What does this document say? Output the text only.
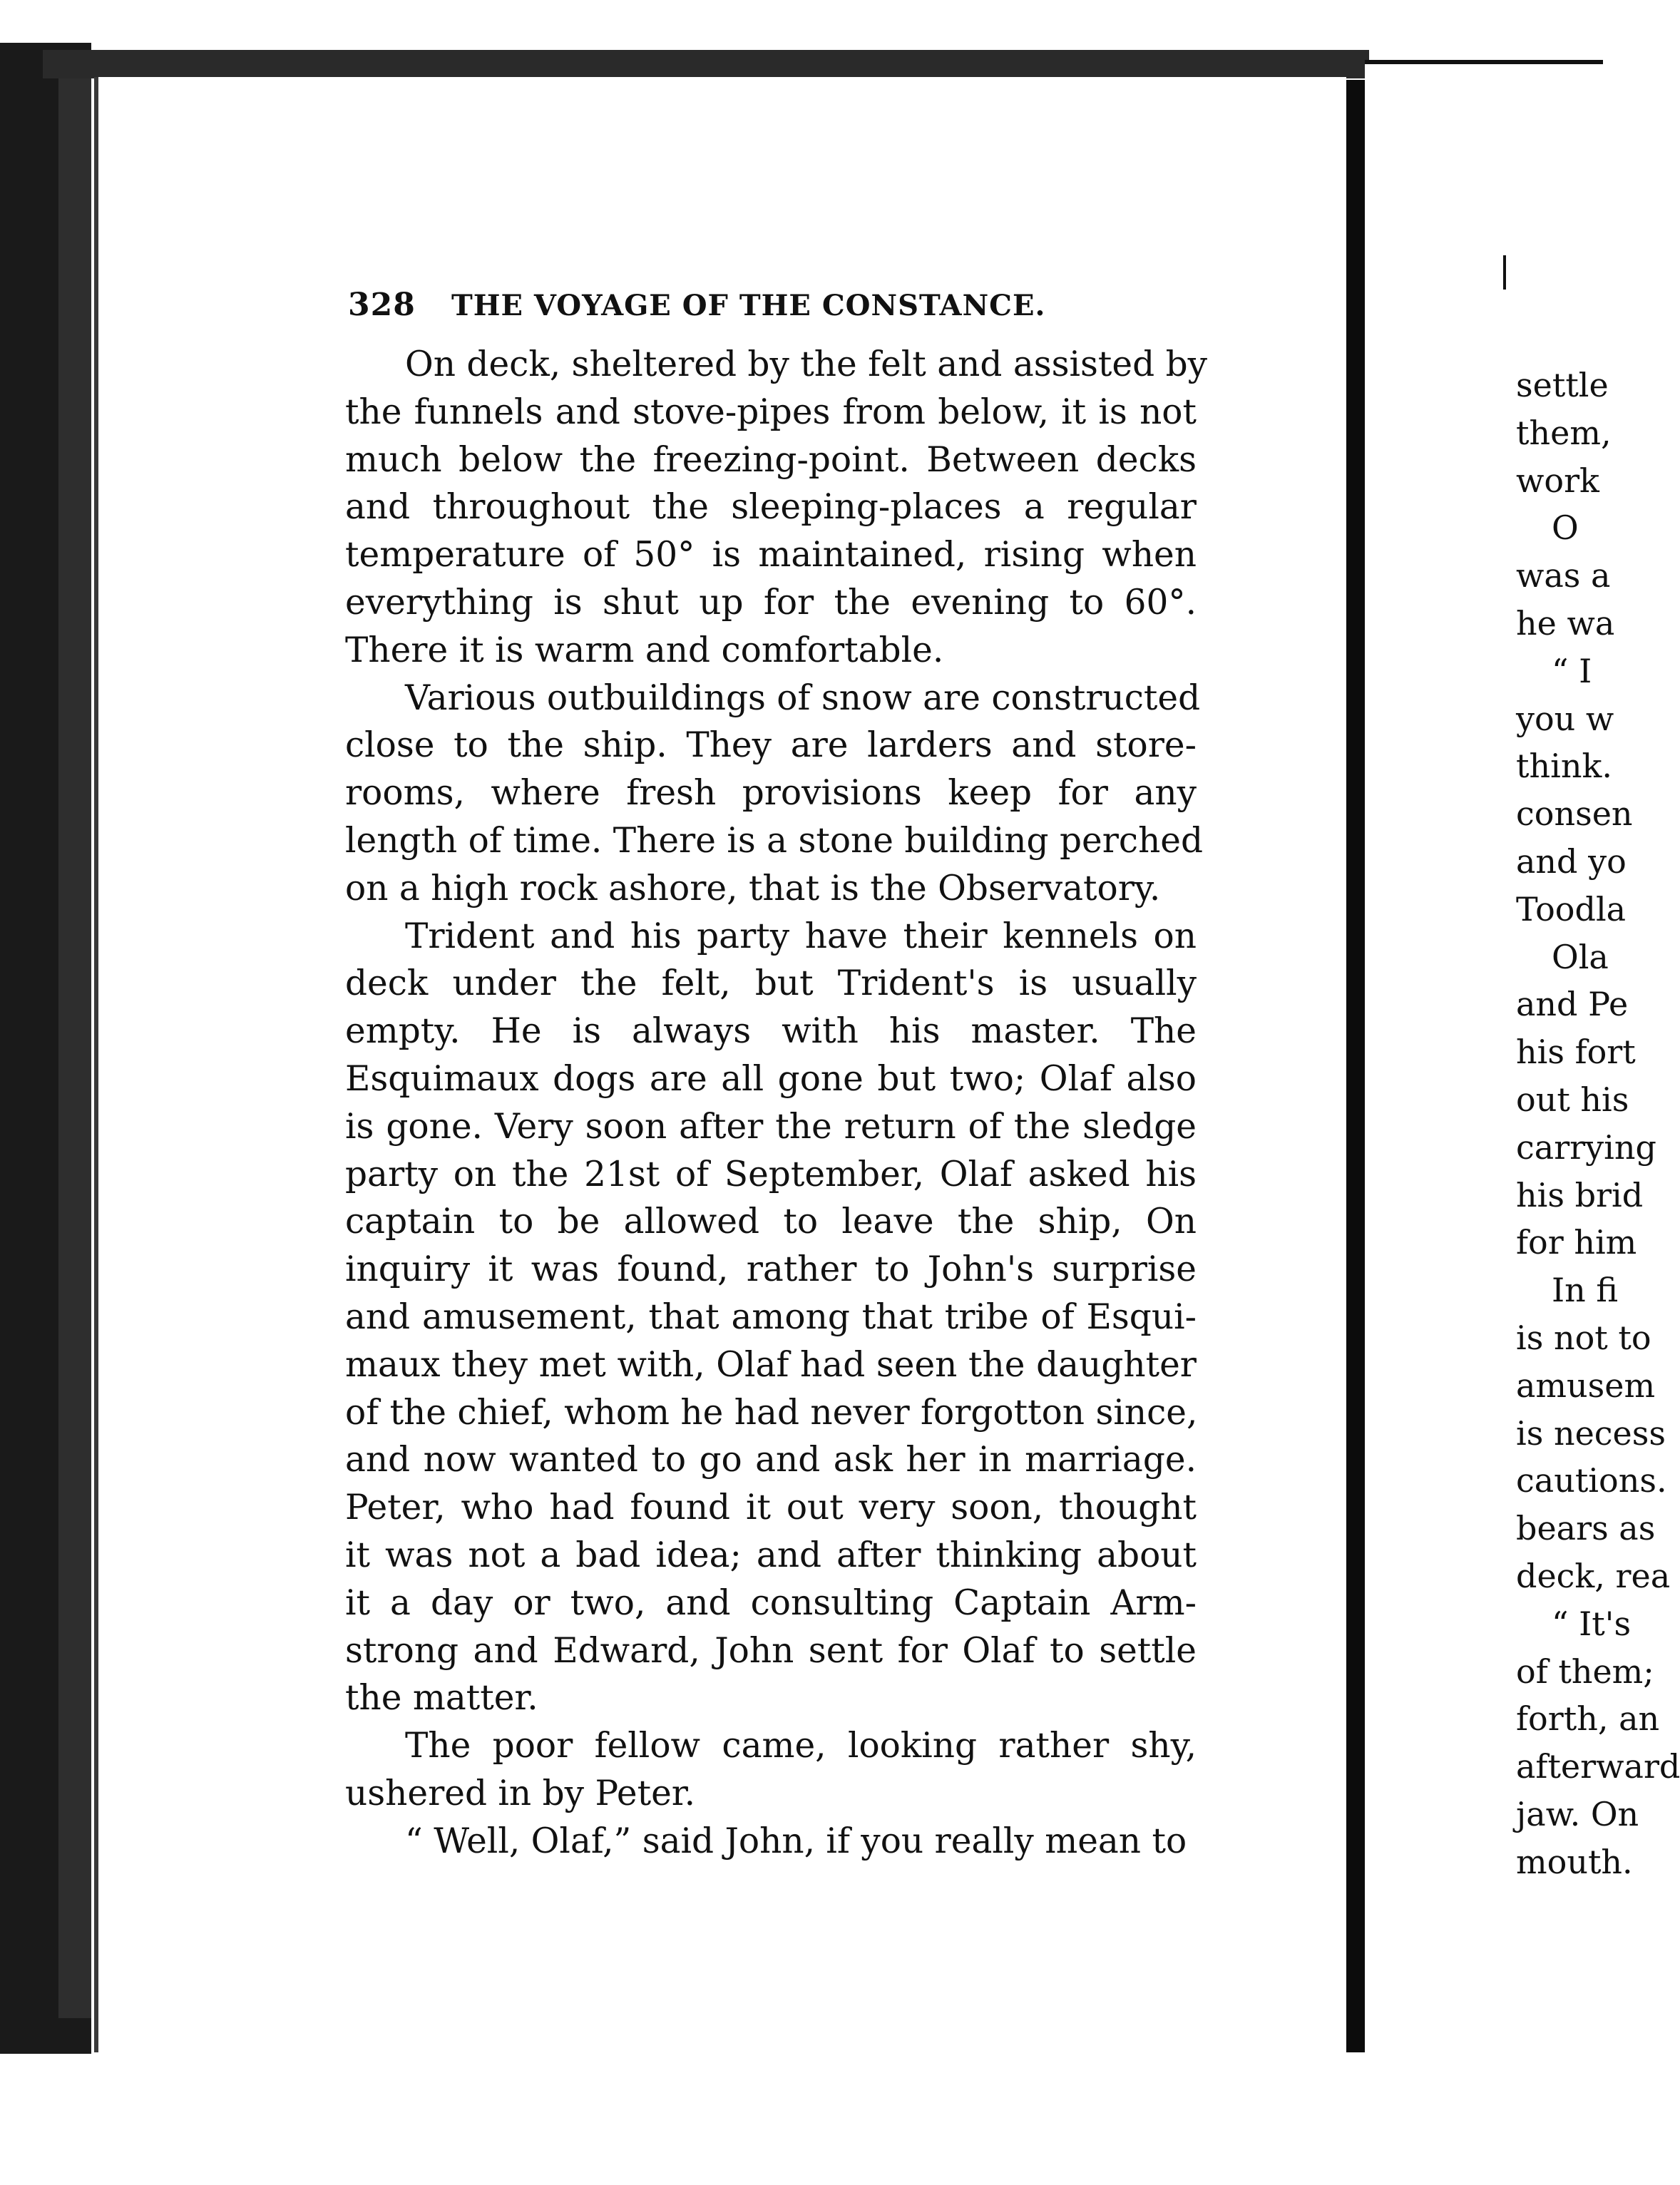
328 THE VOYAGE OF THE CONSTANCE.
On deck, sheltered by the felt and assisted by
the funnels and stove-pipes from below, it is not
much below the freezing-point. Between decks
and throughout the sleeping-places a regular
temperature of 50° is maintained, rising when
everything is shut up for the evening to 60°.
There it is warm and comfortable.
Various outbuildings of snow are constructed
close to the ship. They are larders and store-
rooms, where fresh provisions keep for any
length of time. There is a stone building perched
on a high rock ashore, that is the Observatory.
Trident and his party have their kennels on
deck under the felt, but Trident's is usually
empty. He is always with his master. The
Esquimaux dogs are all gone but two; Olaf also
is gone. Very soon after the return of the sledge
party on the 21st of September, Olaf asked his
captain to be allowed to leave the ship, On
inquiry it was found, rather to John's surprise
and amusement, that among that tribe of Esqui-
maux they met with, Olaf had seen the daughter
of the chief, whom he had never forgotton since,
and now wanted to go and ask her in marriage.
Peter, who had found it out very soon, thought
it was not a bad idea; and after thinking about
it a day or two, and consulting Captain Arm-
strong and Edward, John sent for Olaf to settle
the matter.
The poor fellow came, looking rather shy,
ushered in by Peter.
“ Well, Olaf,” said John, if you really mean to
settle
them,
work
O
was a
he wa
“ I
you w
think.
consen
and yo
Toodla
Ola
and Pe
his fort
out his
carrying
his brid
for him
In fi
is not to
amusem
is necess
cautions.
bears as
deck, rea
“ It's
of them;
forth, an
afterward
jaw. On
mouth.
